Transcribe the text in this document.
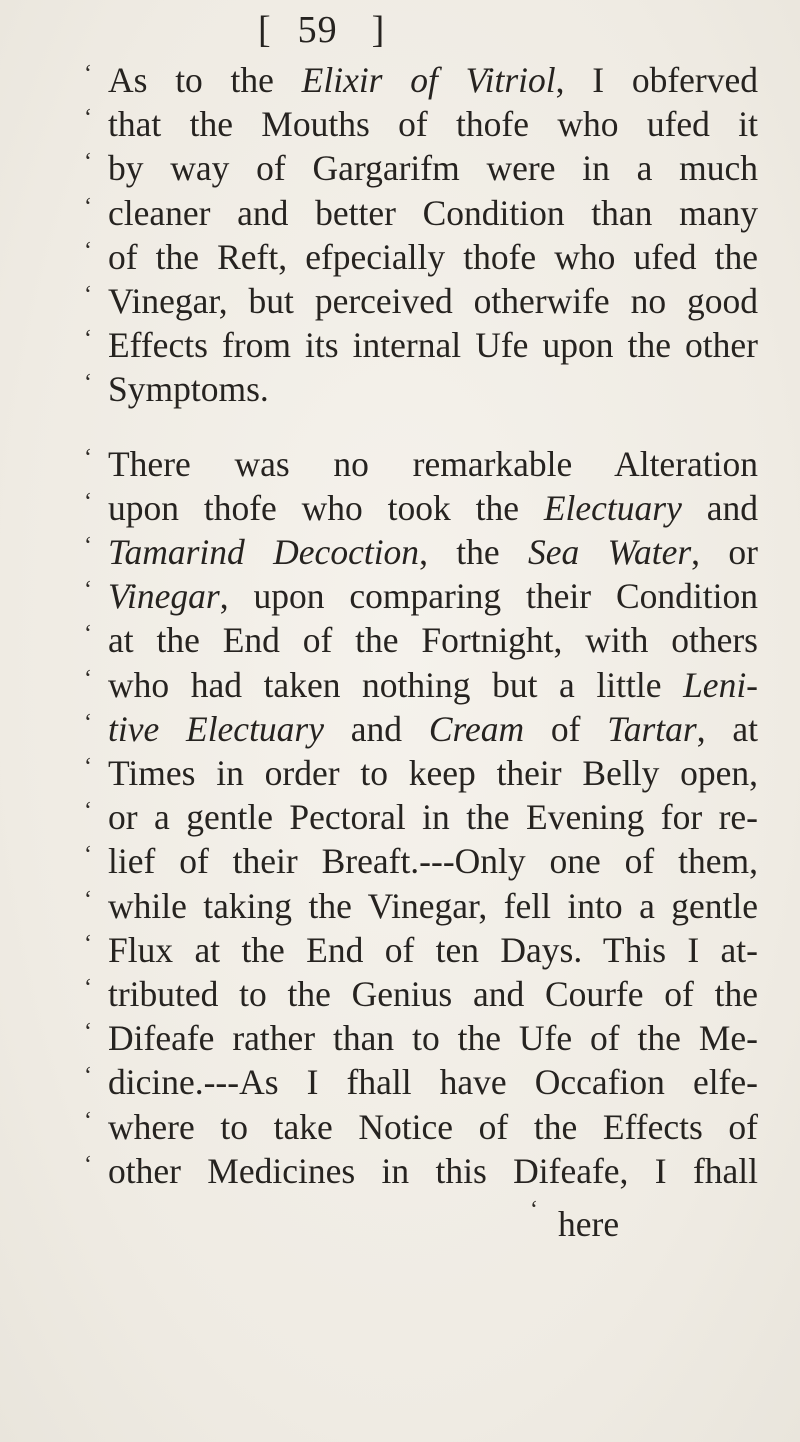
[ 59 ]
‘ As to the Elixir of Vitriol, I obferved
‘ that the Mouths of thofe who ufed it
‘ by way of Gargarifm were in a much
‘ cleaner and better Condition than many
‘ of the Reft, efpecially thofe who ufed the
‘ Vinegar, but perceived otherwife no good
‘ Effects from its internal Ufe upon the other
‘ Symptoms.
‘ There was no remarkable Alteration
‘ upon thofe who took the Electuary and
‘ Tamarind Decoction, the Sea Water, or
‘ Vinegar, upon comparing their Condition
‘ at the End of the Fortnight, with others
‘ who had taken nothing but a little Leni-
‘ tive Electuary and Cream of Tartar, at
‘ Times in order to keep their Belly open,
‘ or a gentle Pectoral in the Evening for re-
‘ lief of their Breaft.---Only one of them,
‘ while taking the Vinegar, fell into a gentle
‘ Flux at the End of ten Days. This I at-
‘ tributed to the Genius and Courfe of the
‘ Difeafe rather than to the Ufe of the Me-
‘ dicine.---As I fhall have Occafion elfe-
‘ where to take Notice of the Effects of
‘ other Medicines in this Difeafe, I fhall
‘ here
